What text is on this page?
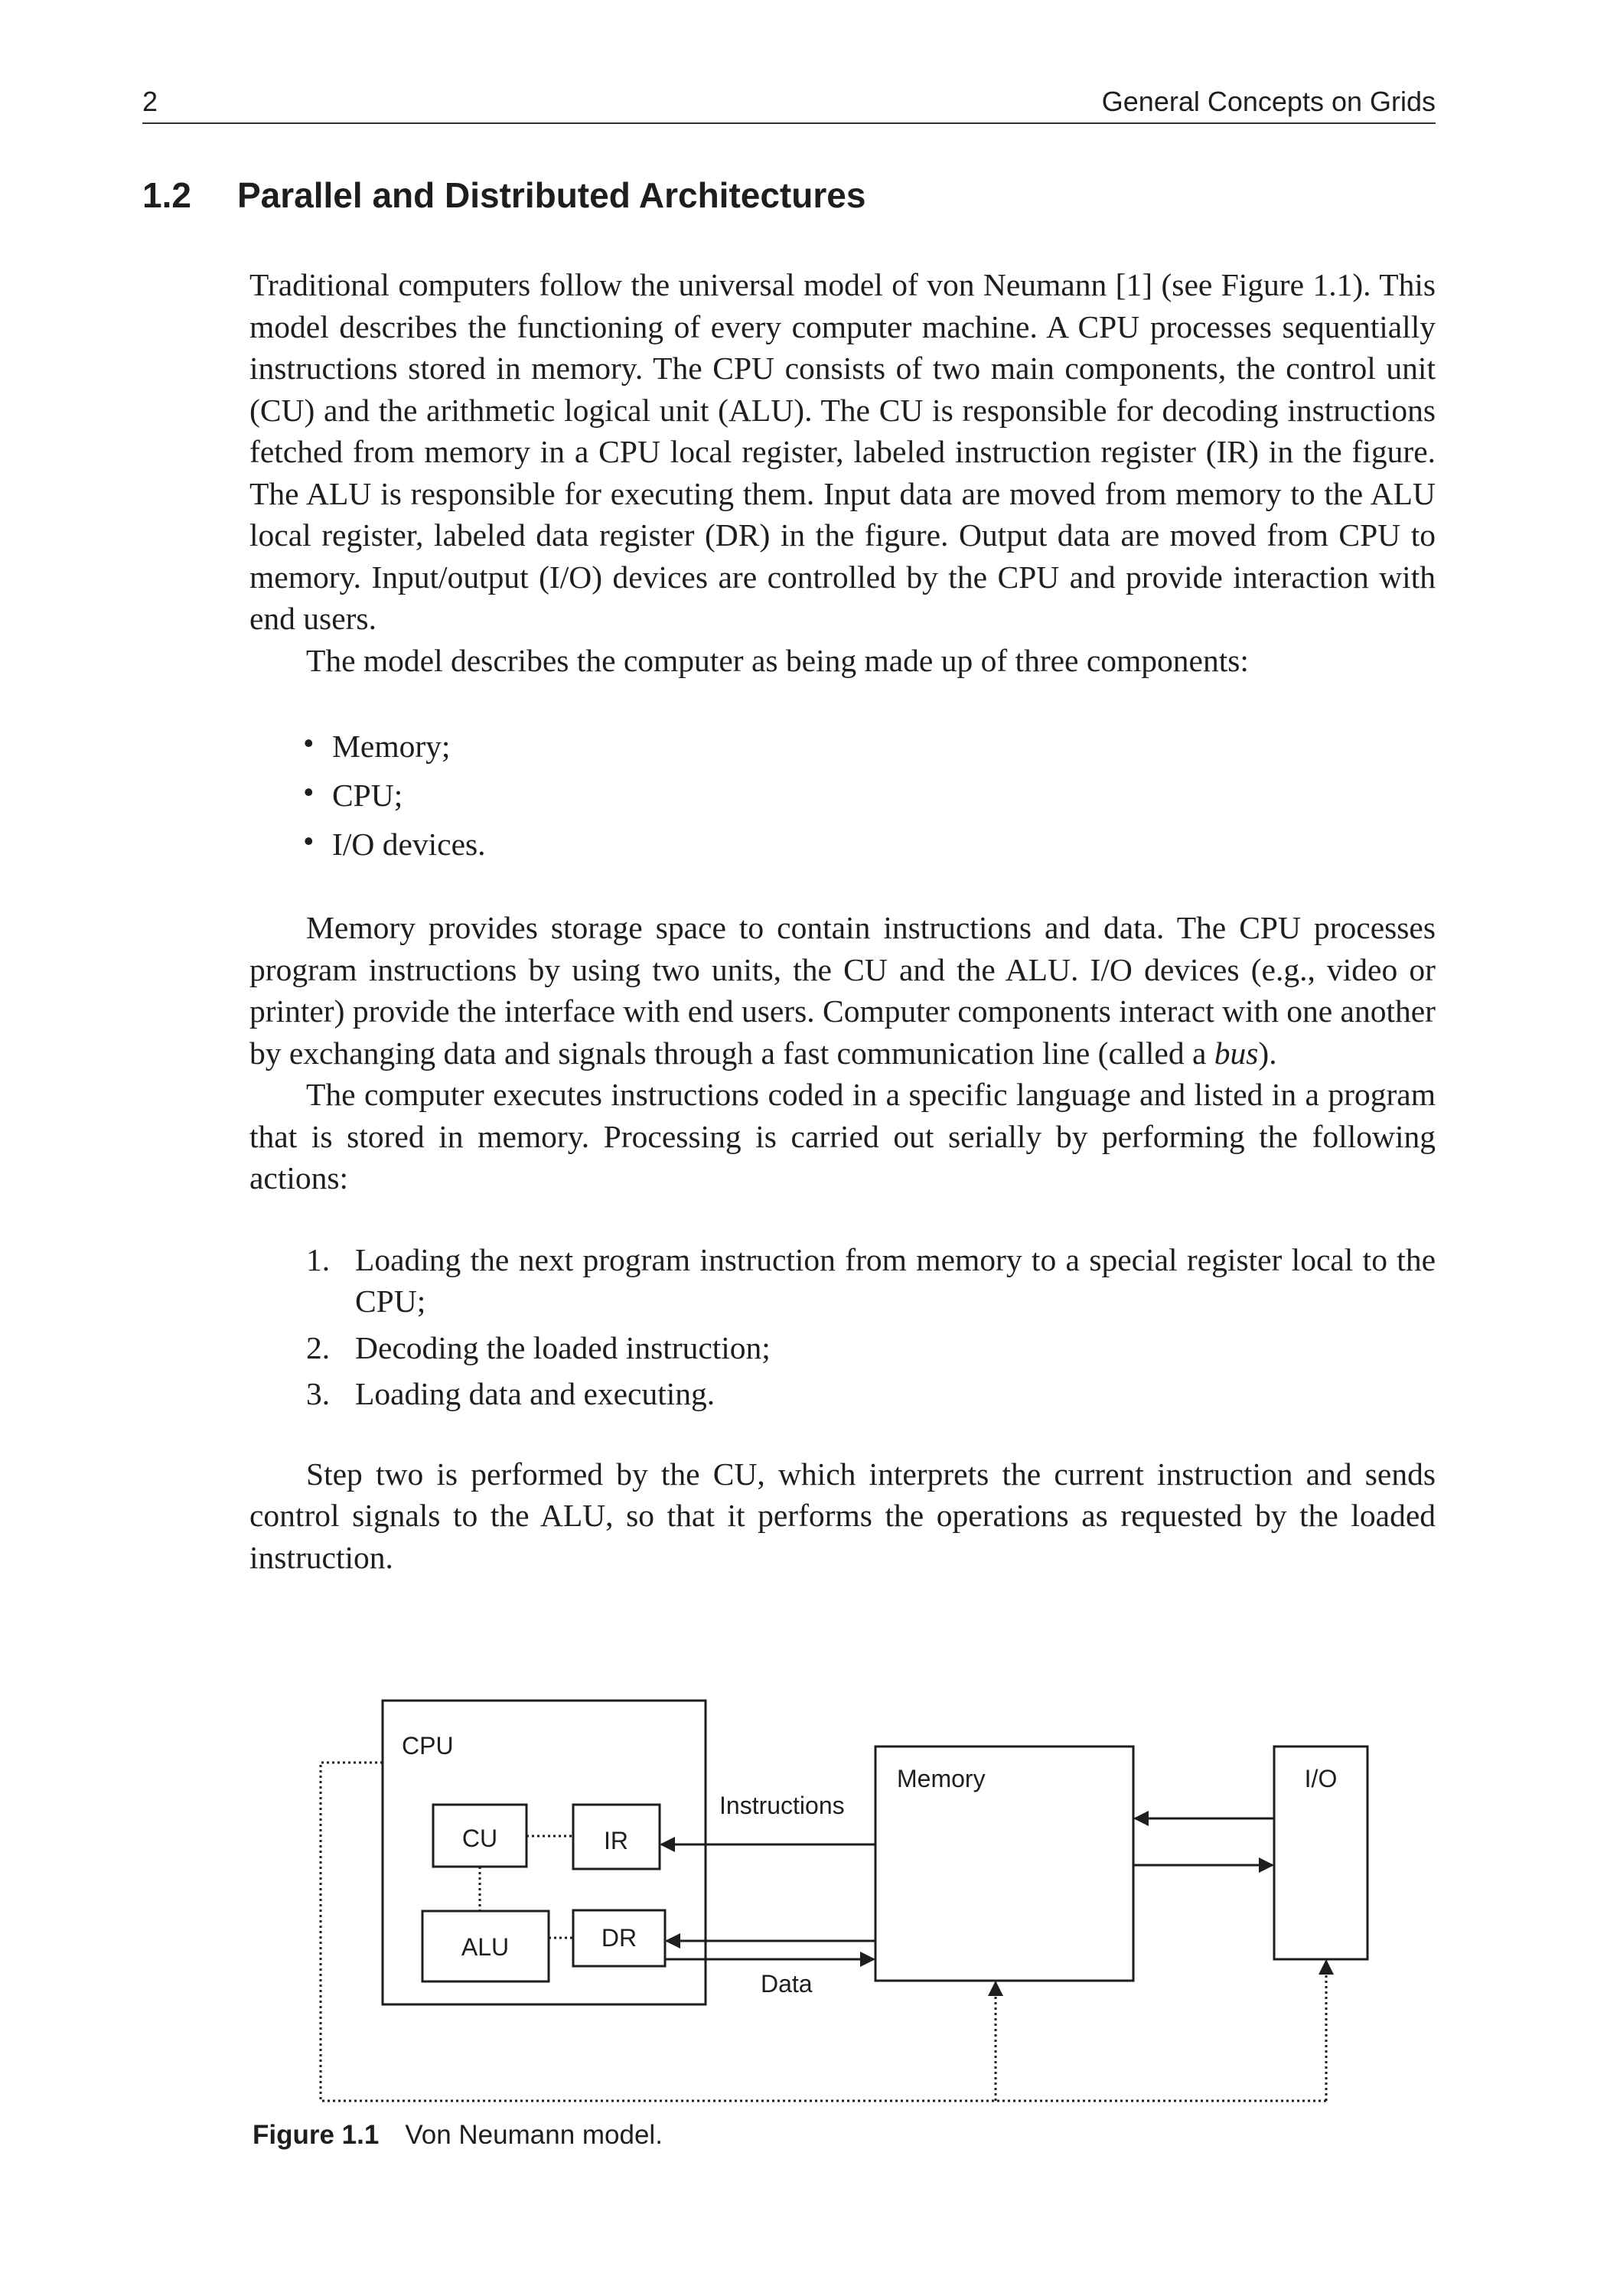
2	General Concepts on Grids
1.2 Parallel and Distributed Architectures

Traditional computers follow the universal model of von Neumann [1] (see Figure 1.1). This model describes the functioning of every computer machine. A CPU processes sequentially instructions stored in memory. The CPU consists of two main components, the control unit (CU) and the arithmetic logical unit (ALU). The CU is responsible for decoding instructions fetched from memory in a CPU local register, labeled instruction register (IR) in the figure. The ALU is responsible for executing them. Input data are moved from memory to the ALU local register, labeled data register (DR) in the figure. Output data are moved from CPU to memory. Input/output (I/O) devices are controlled by the CPU and provide interaction with end users.

The model describes the computer as being made up of three components:

• Memory;
• CPU;
• I/O devices.

Memory provides storage space to contain instructions and data. The CPU processes program instructions by using two units, the CU and the ALU. I/O devices (e.g., video or printer) provide the interface with end users. Computer components interact with one another by exchanging data and signals through a fast communication line (called a bus).

The computer executes instructions coded in a specific language and listed in a program that is stored in memory. Processing is carried out serially by performing the following actions:

1. Loading the next program instruction from memory to a special register local to the CPU;
2. Decoding the loaded instruction;
3. Loading data and executing.

Step two is performed by the CU, which interprets the current instruction and sends control signals to the ALU, so that it performs the operations as requested by the loaded instruction.

CPU
CU	IR
ALU	DR
Memory	I/O
Instructions
Data
Figure 1.1 Von Neumann model.
